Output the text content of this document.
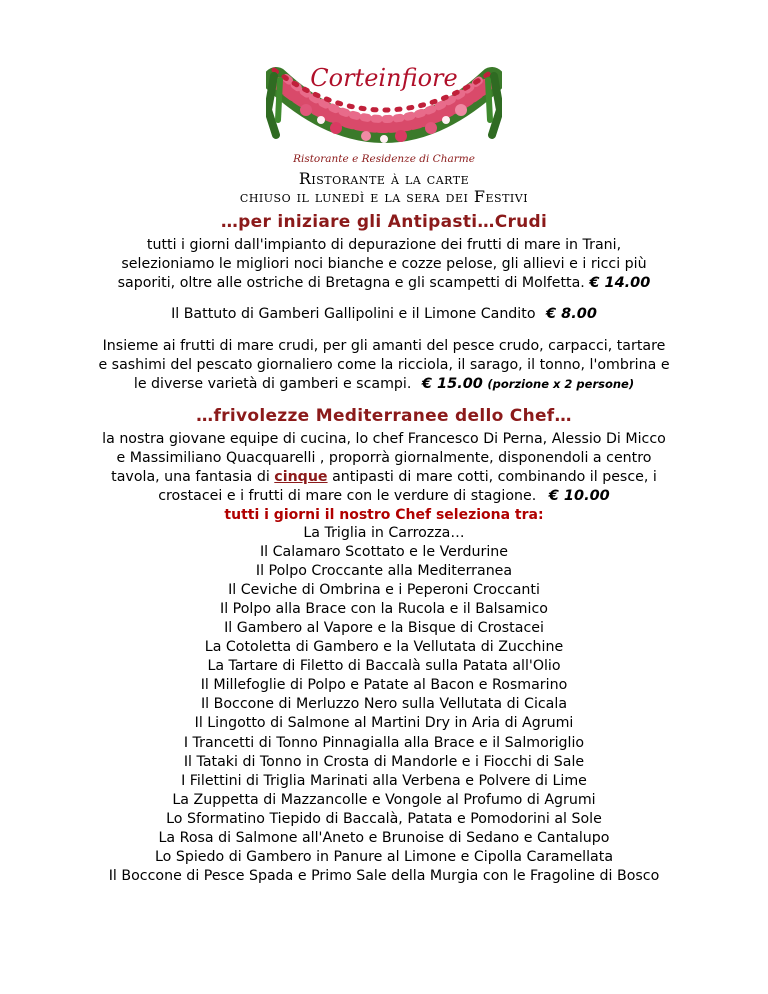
Corteinfiore
Ristorante e Residenze di Charme
Ristorante à la carte
chiuso il lunedì e la sera dei Festivi
…per iniziare gli Antipasti…Crudi
tutti i giorni dall'impianto di depurazione dei frutti di mare in Trani,
selezioniamo le migliori noci bianche e cozze pelose, gli allievi e i ricci più
saporiti, oltre alle ostriche di Bretagna e gli scampetti di Molfetta. € 14.00
Il Battuto di Gamberi Gallipolini e il Limone Candito € 8.00
Insieme ai frutti di mare crudi, per gli amanti del pesce crudo, carpacci, tartare
e sashimi del pescato giornaliero come la ricciola, il sarago, il tonno, l'ombrina e
le diverse varietà di gamberi e scampi. € 15.00 (porzione x 2 persone)
…frivolezze Mediterranee dello Chef…
la nostra giovane equipe di cucina, lo chef Francesco Di Perna, Alessio Di Micco
e Massimiliano Quacquarelli , proporrà giornalmente, disponendoli a centro
tavola, una fantasia di cinque antipasti di mare cotti, combinando il pesce, i
crostacei e i frutti di mare con le verdure di stagione. € 10.00
tutti i giorni il nostro Chef seleziona tra:
La Triglia in Carrozza…
Il Calamaro Scottato e le Verdurine
Il Polpo Croccante alla Mediterranea
Il Ceviche di Ombrina e i Peperoni Croccanti
Il Polpo alla Brace con la Rucola e il Balsamico
Il Gambero al Vapore e la Bisque di Crostacei
La Cotoletta di Gambero e la Vellutata di Zucchine
La Tartare di Filetto di Baccalà sulla Patata all'Olio
Il Millefoglie di Polpo e Patate al Bacon e Rosmarino
Il Boccone di Merluzzo Nero sulla Vellutata di Cicala
Il Lingotto di Salmone al Martini Dry in Aria di Agrumi
I Trancetti di Tonno Pinnagialla alla Brace e il Salmoriglio
Il Tataki di Tonno in Crosta di Mandorle e i Fiocchi di Sale
I Filettini di Triglia Marinati alla Verbena e Polvere di Lime
La Zuppetta di Mazzancolle e Vongole al Profumo di Agrumi
Lo Sformatino Tiepido di Baccalà, Patata e Pomodorini al Sole
La Rosa di Salmone all'Aneto e Brunoise di Sedano e Cantalupo
Lo Spiedo di Gambero in Panure al Limone e Cipolla Caramellata
Il Boccone di Pesce Spada e Primo Sale della Murgia con le Fragoline di Bosco
